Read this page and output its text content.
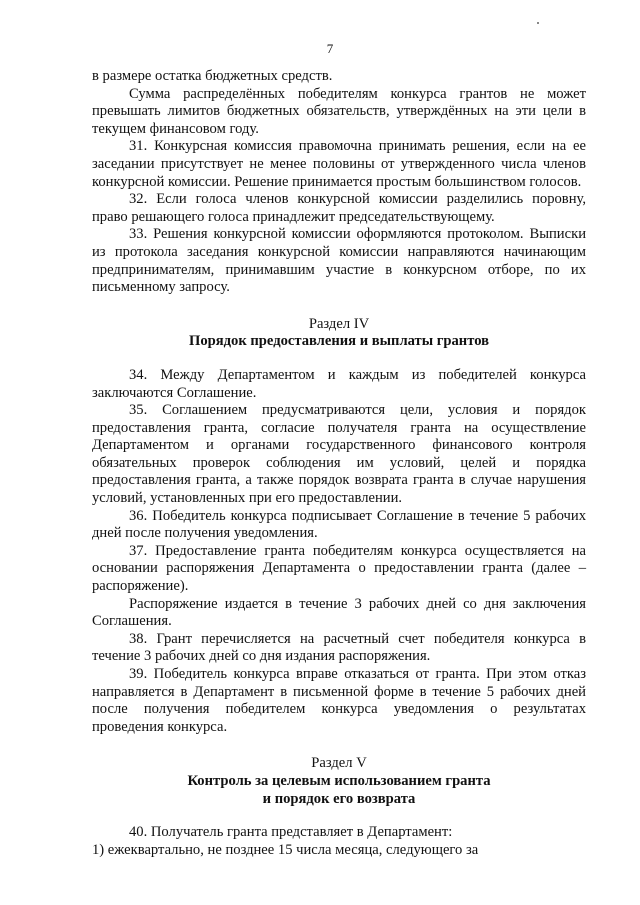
7

в размере остатка бюджетных средств.

Сумма распределённых победителям конкурса грантов не может превышать лимитов бюджетных обязательств, утверждённых на эти цели в текущем финансовом году.

31. Конкурсная комиссия правомочна принимать решения, если на ее заседании присутствует не менее половины от утвержденного числа членов конкурсной комиссии. Решение принимается простым большинством голосов.

32. Если голоса членов конкурсной комиссии разделились поровну, право решающего голоса принадлежит председательствующему.

33. Решения конкурсной комиссии оформляются протоколом. Выписки из протокола заседания конкурсной комиссии направляются начинающим предпринимателям, принимавшим участие в конкурсном отборе, по их письменному запросу.

Раздел IV
Порядок предоставления и выплаты грантов

34. Между Департаментом и каждым из победителей конкурса заключаются Соглашение.

35. Соглашением предусматриваются цели, условия и порядок предоставления гранта, согласие получателя гранта на осуществление Департаментом и органами государственного финансового контроля обязательных проверок соблюдения им условий, целей и порядка предоставления гранта, а также порядок возврата гранта в случае нарушения условий, установленных при его предоставлении.

36. Победитель конкурса подписывает Соглашение в течение 5 рабочих дней после получения уведомления.

37. Предоставление гранта победителям конкурса осуществляется на основании распоряжения Департамента о предоставлении гранта (далее – распоряжение).

Распоряжение издается в течение 3 рабочих дней со дня заключения Соглашения.

38. Грант перечисляется на расчетный счет победителя конкурса в течение 3 рабочих дней со дня издания распоряжения.

39. Победитель конкурса вправе отказаться от гранта. При этом отказ направляется в Департамент в письменной форме в течение 5 рабочих дней после получения победителем конкурса уведомления о результатах проведения конкурса.

Раздел V
Контроль за целевым использованием гранта
и порядок его возврата

40. Получатель гранта представляет в Департамент:

1) ежеквартально, не позднее 15 числа месяца, следующего за
